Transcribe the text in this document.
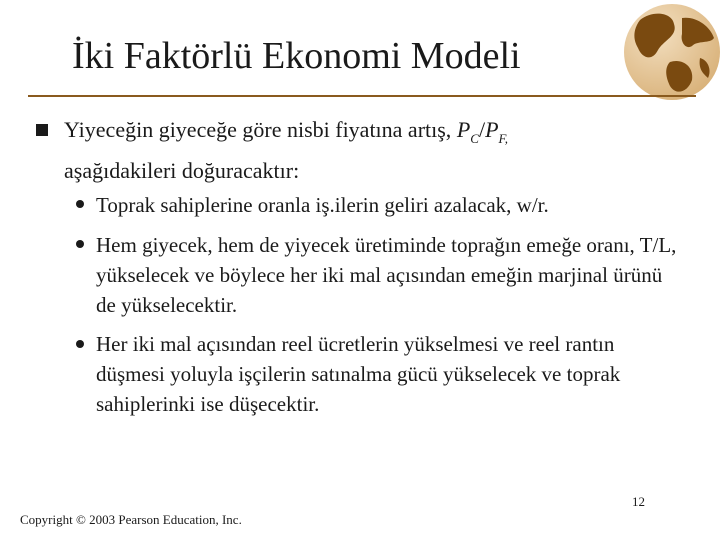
İki Faktörlü Ekonomi Modeli
Yiyeceğin giyeceğe göre nisbi fiyatına artış, $P_C/P_{F,}$
aşağıdakileri doğuracaktır:
Toprak sahiplerine oranla iş.ilerin geliri azalacak, w/r.
Hem giyecek, hem de yiyecek üretiminde toprağın emeğe oranı, T/L, yükselecek ve böylece her iki mal açısından emeğin marjinal ürünü de yükselecektir.
Her iki mal açısından reel ücretlerin yükselmesi ve reel rantın düşmesi yoluyla işçilerin satınalma gücü yükselecek ve toprak sahiplerinki ise düşecektir.
12
Copyright © 2003 Pearson Education, Inc.
